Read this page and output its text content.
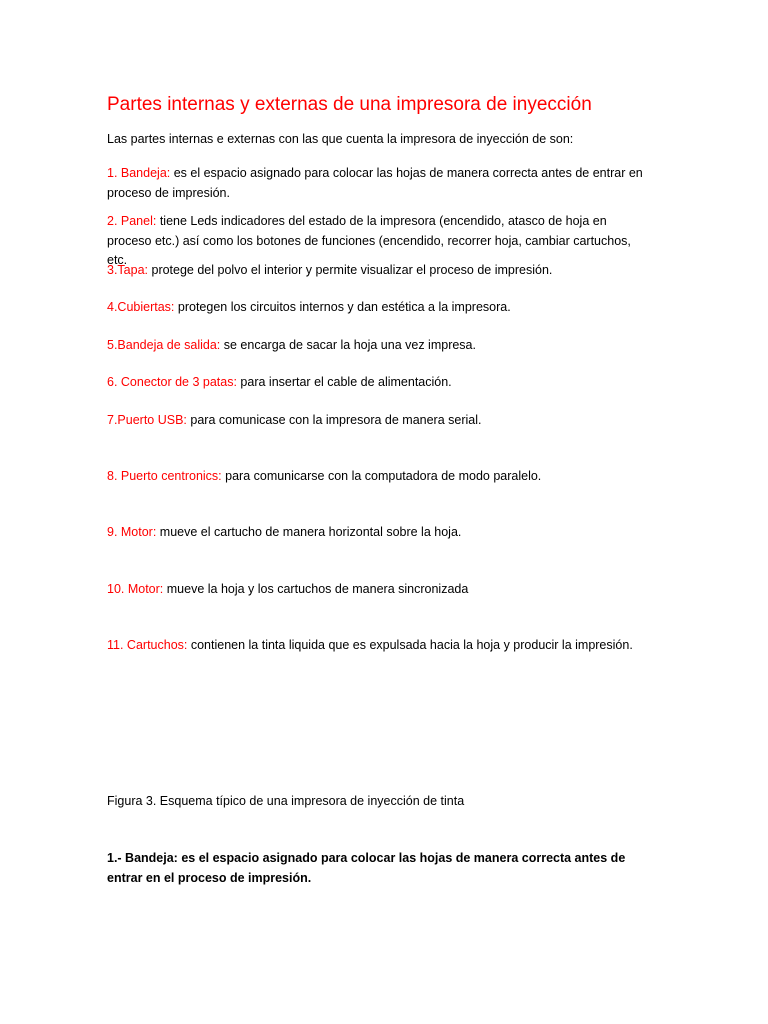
Partes internas y externas de una impresora de inyección

Las partes internas e externas con las que cuenta la impresora de inyección de son:

1. Bandeja: es el espacio asignado para colocar las hojas de manera correcta antes de entrar en proceso de impresión.

2. Panel: tiene Leds indicadores del estado de la impresora (encendido, atasco de hoja en proceso etc.) así como los botones de funciones (encendido, recorrer hoja, cambiar cartuchos, etc.

3.Tapa: protege del polvo el interior y permite visualizar el proceso de impresión.

4.Cubiertas: protegen los circuitos internos y dan estética a la impresora.

5.Bandeja de salida: se encarga de sacar la hoja una vez impresa.

6. Conector de 3 patas: para insertar el cable de alimentación.

7.Puerto USB: para comunicase con la impresora de manera serial.

8. Puerto centronics: para comunicarse con la computadora de modo paralelo.

9. Motor: mueve el cartucho de manera horizontal sobre la hoja.

10. Motor: mueve la hoja y los cartuchos de manera sincronizada

11. Cartuchos: contienen la tinta liquida que es expulsada hacia la hoja y producir la impresión.

Figura 3. Esquema típico de una impresora de inyección de tinta

1.- Bandeja: es el espacio asignado para colocar las hojas de manera correcta antes de entrar en el proceso de impresión.
